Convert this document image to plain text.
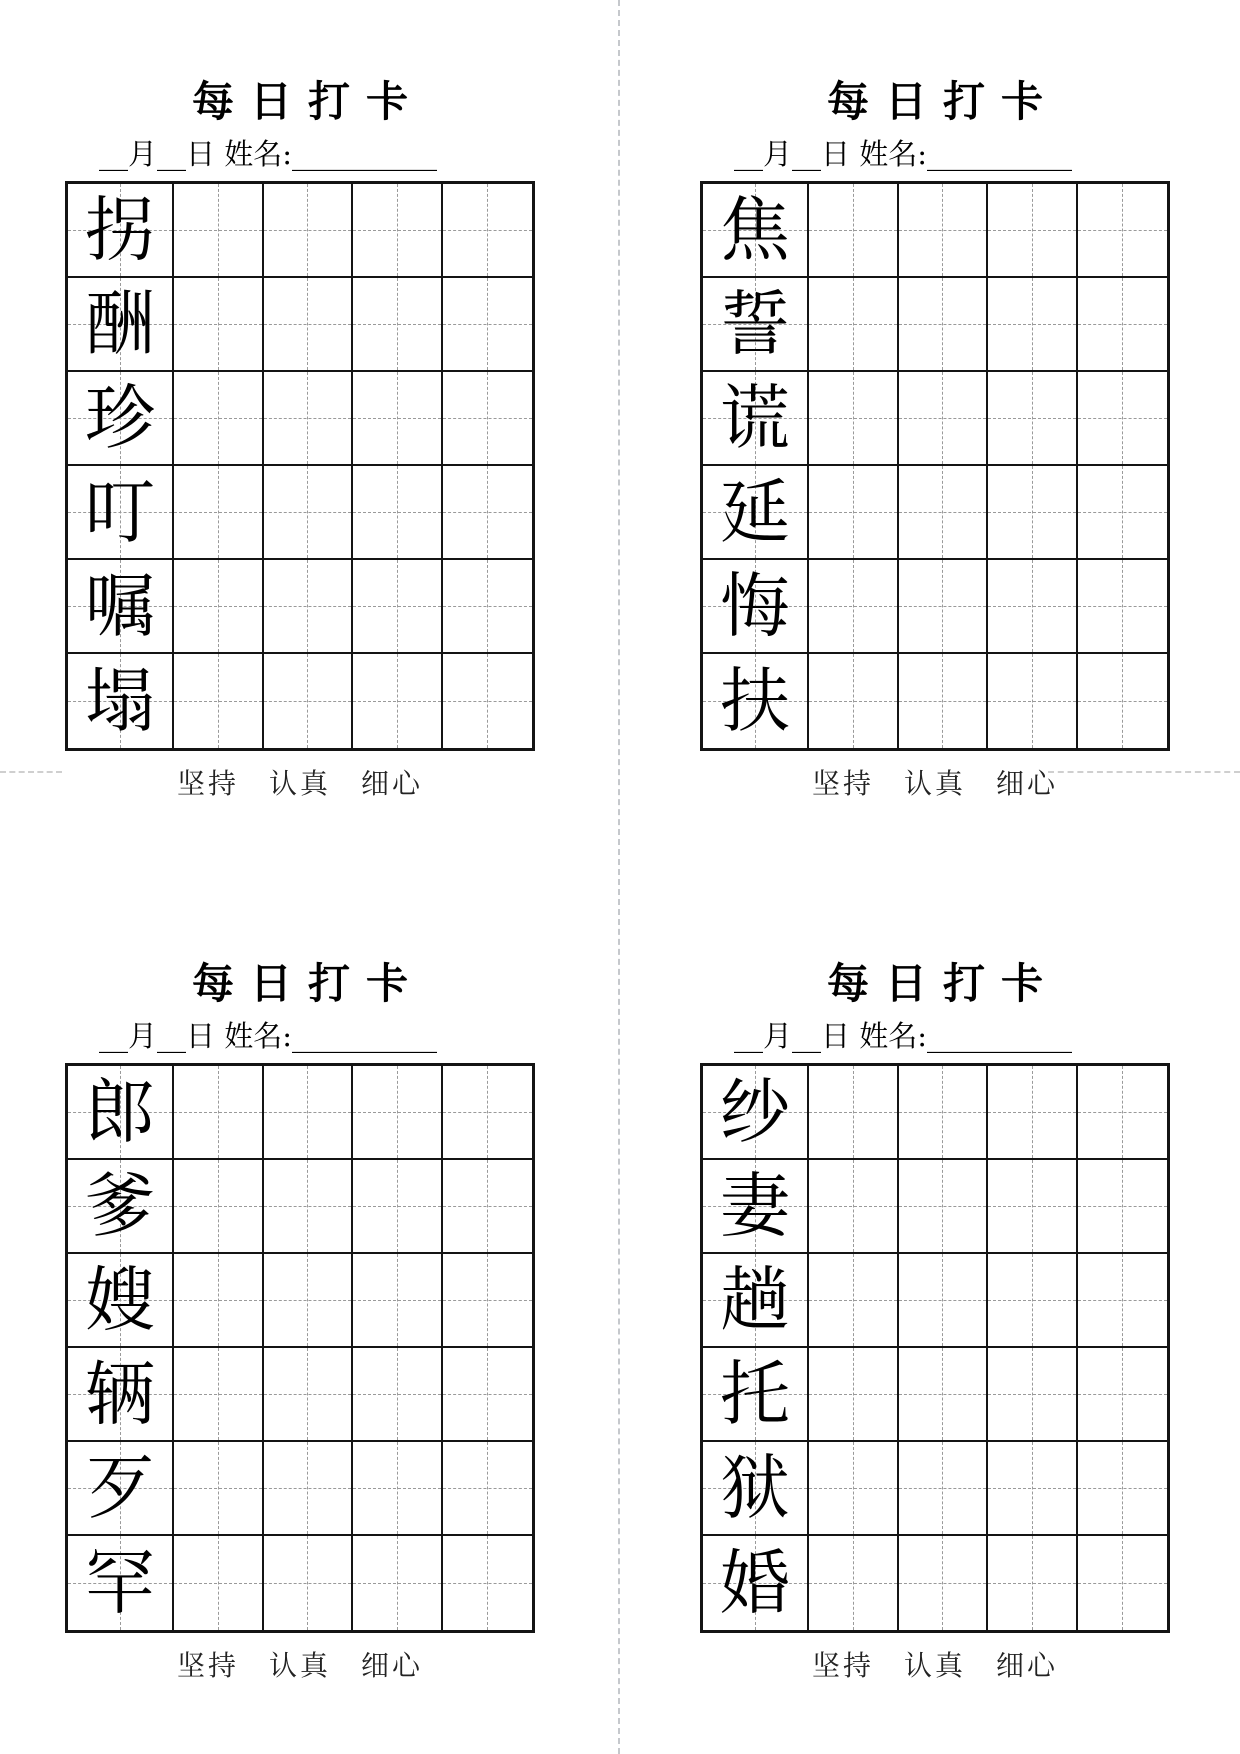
每日打卡
__月__日 姓名:__________
拐
酬
珍
叮
嘱
塌
坚持 认真 细心
每日打卡
__月__日 姓名:__________
焦
誓
谎
延
悔
扶
坚持 认真 细心
每日打卡
__月__日 姓名:__________
郎
爹
嫂
辆
歹
罕
坚持 认真 细心
每日打卡
__月__日 姓名:__________
纱
妻
趟
托
狱
婚
坚持 认真 细心
